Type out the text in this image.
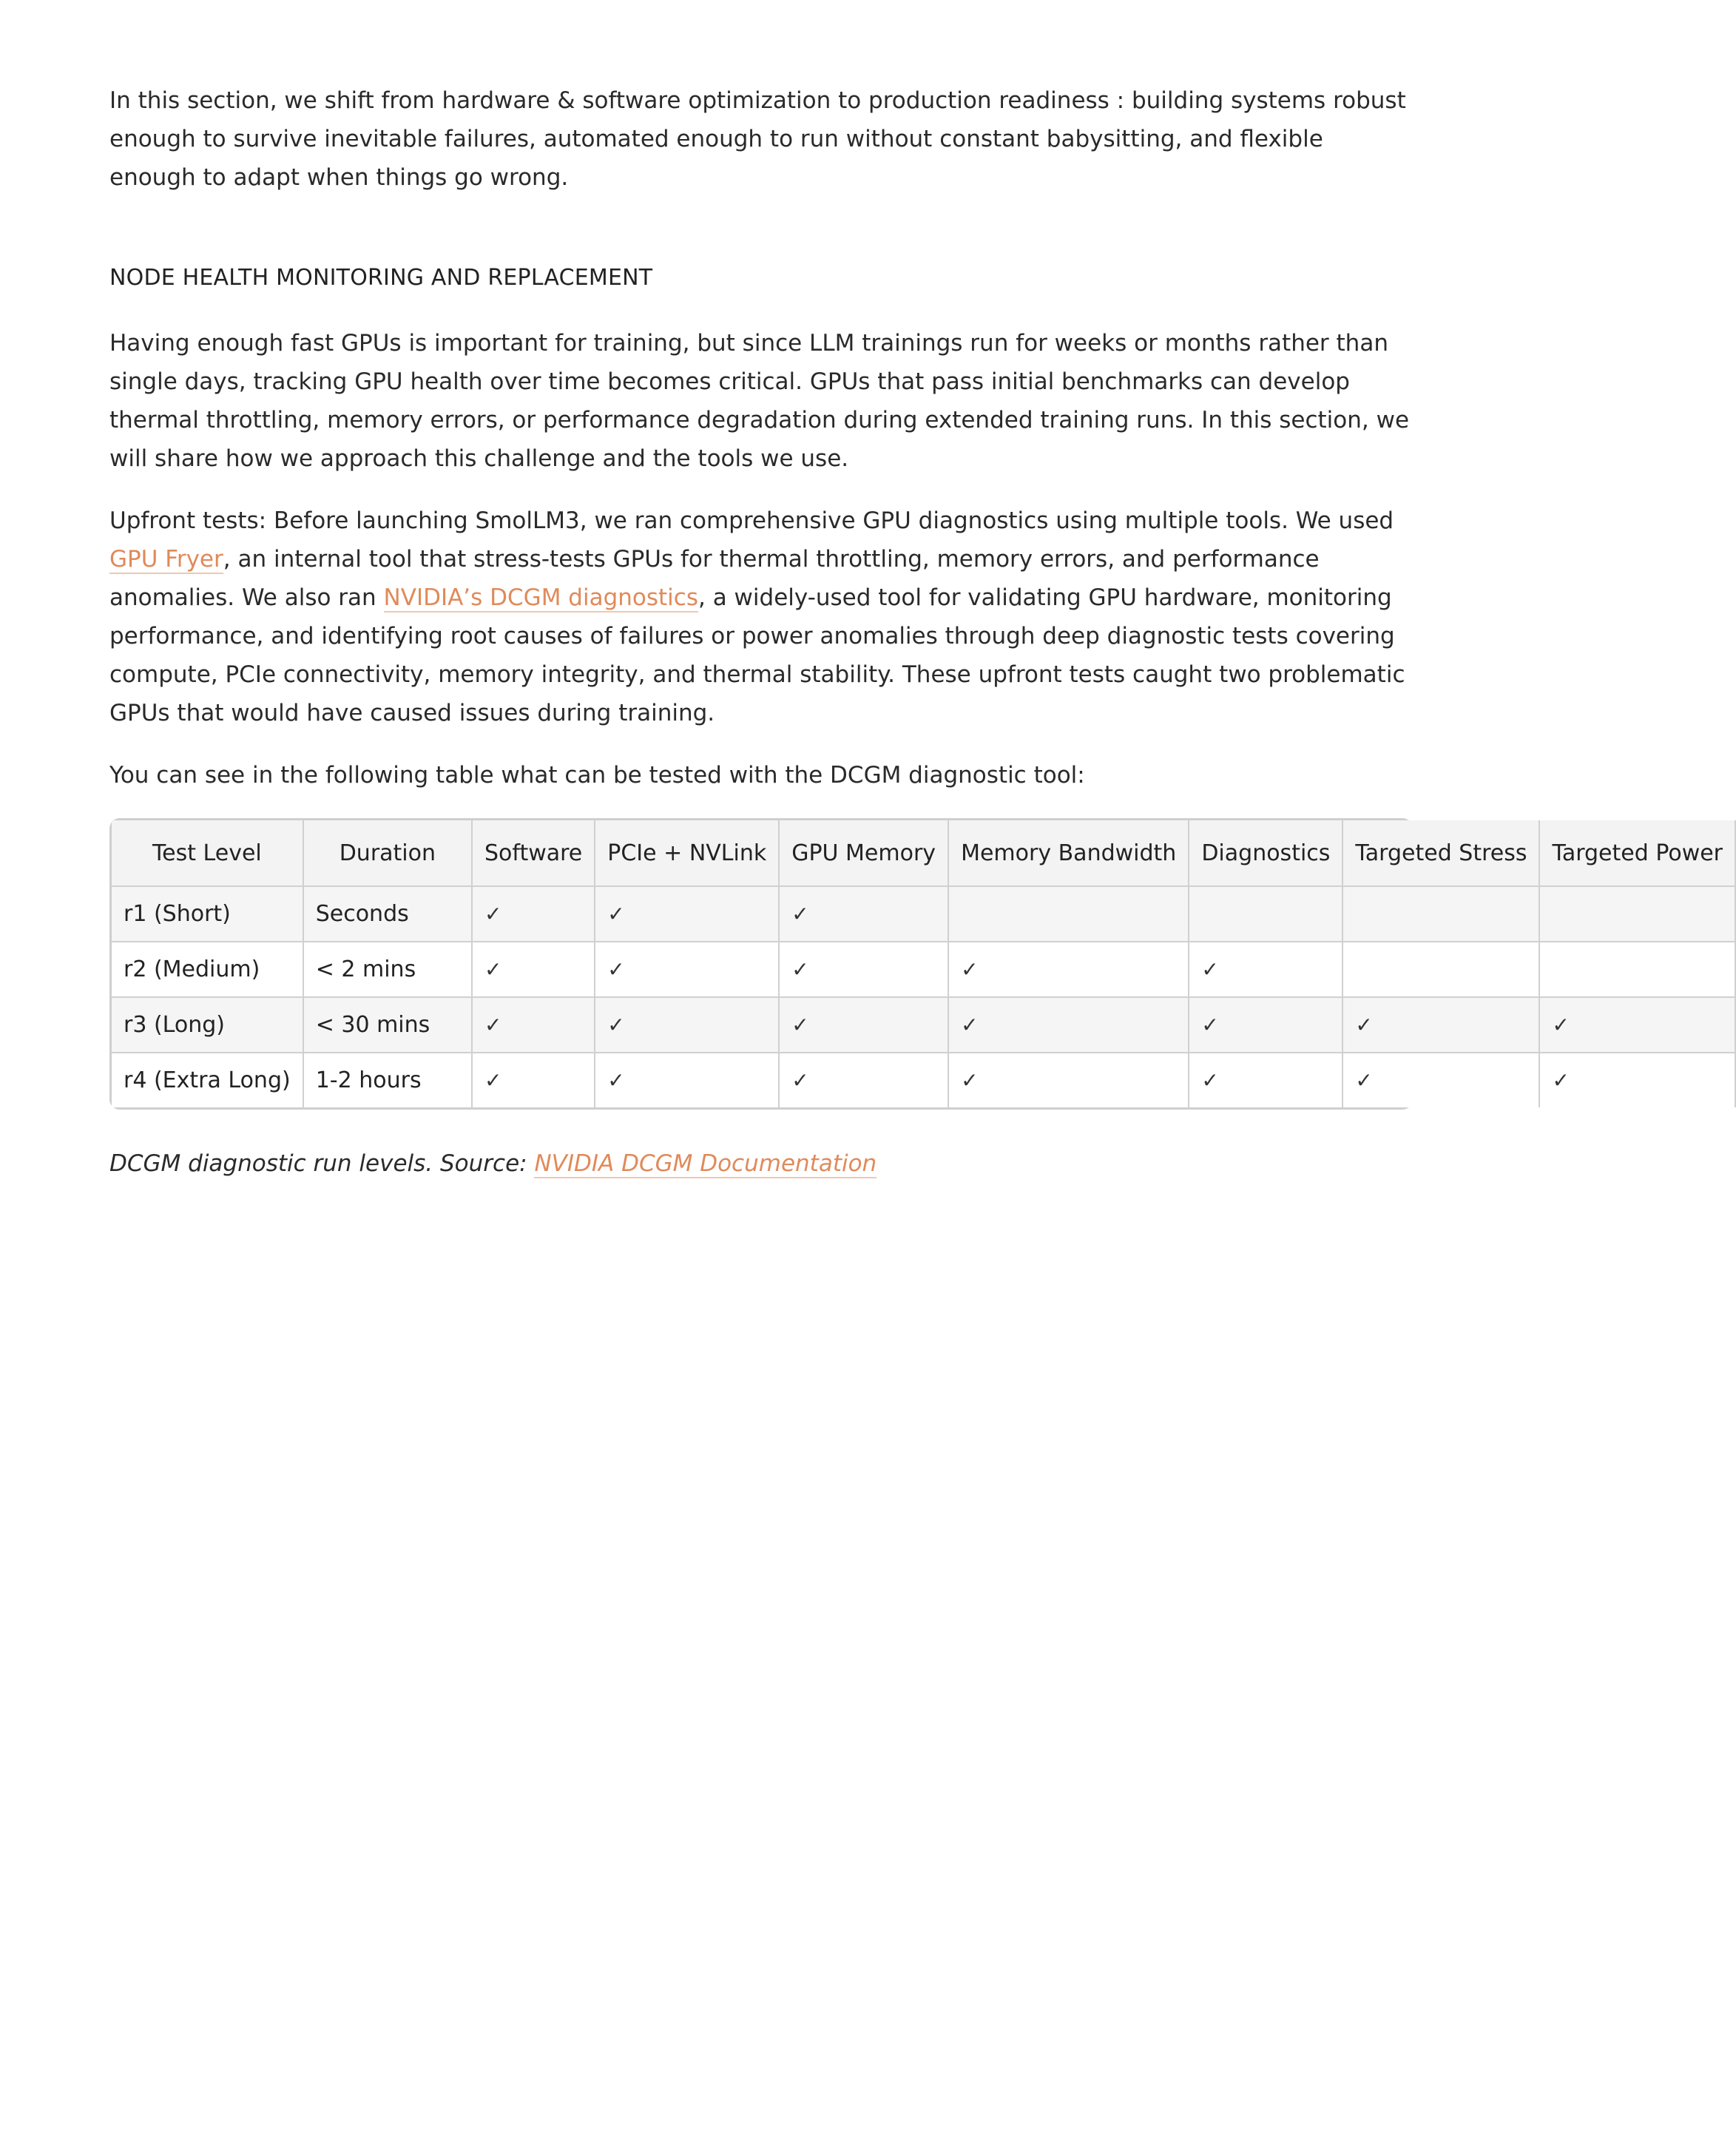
In this section, we shift from hardware & software optimization to production readiness : building systems robust enough to survive inevitable failures, automated enough to run without constant babysitting, and flexible enough to adapt when things go wrong.

NODE HEALTH MONITORING AND REPLACEMENT

Having enough fast GPUs is important for training, but since LLM trainings run for weeks or months rather than single days, tracking GPU health over time becomes critical. GPUs that pass initial benchmarks can develop thermal throttling, memory errors, or performance degradation during extended training runs. In this section, we will share how we approach this challenge and the tools we use.

Upfront tests: Before launching SmolLM3, we ran comprehensive GPU diagnostics using multiple tools. We used GPU Fryer, an internal tool that stress-tests GPUs for thermal throttling, memory errors, and performance anomalies. We also ran NVIDIA’s DCGM diagnostics, a widely-used tool for validating GPU hardware, monitoring performance, and identifying root causes of failures or power anomalies through deep diagnostic tests covering compute, PCIe connectivity, memory integrity, and thermal stability. These upfront tests caught two problematic GPUs that would have caused issues during training.

You can see in the following table what can be tested with the DCGM diagnostic tool:

Test Level	Duration	Software	PCIe + NVLink	GPU Memory	Memory Bandwidth	Diagnostics	Targeted Stress	Targeted Power
r1 (Short)	Seconds	✓	✓	✓				
r2 (Medium)	< 2 mins	✓	✓	✓	✓	✓		
r3 (Long)	< 30 mins	✓	✓	✓	✓	✓	✓	✓
r4 (Extra Long)	1-2 hours	✓	✓	✓	✓	✓	✓	✓

DCGM diagnostic run levels. Source: NVIDIA DCGM Documentation
